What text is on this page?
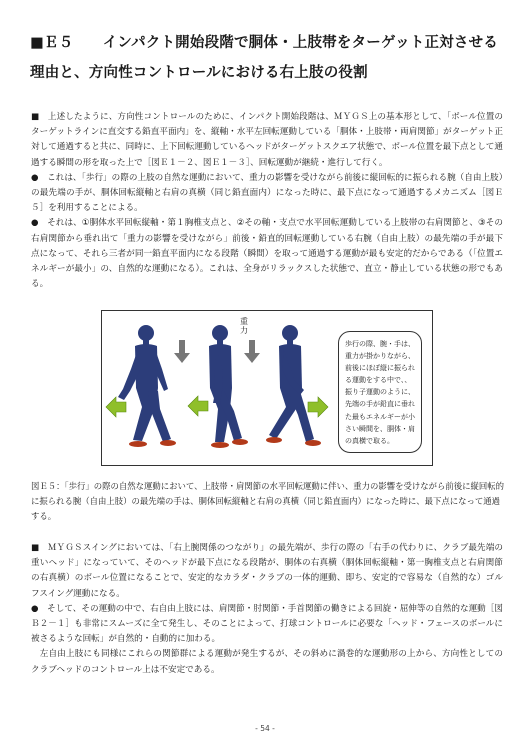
■Ｅ５　　インパクト開始段階で胴体・上肢帯をターゲット正対させる
理由と、方向性コントロールにおける右上肢の役割
■　上述したように、方向性コントロールのために、インパクト開始段階は、ＭＹＧＳ上の基本形として、「ボール位置のターゲットラインに直交する鉛直平面内」を、縦軸・水平左回転運動している「胴体・上肢帯・両肩関節」がターゲット正対して通過すると共に、同時に、上下回転運動しているヘッドがターゲットスクエア状態で、ボール位置を最下点として通過する瞬間の形を取った上で［図Ｅ１－２、図Ｅ１－３］、回転運動が継続・進行して行く。
●　これは、「歩行」の際の上肢の自然な運動において、重力の影響を受けながら前後に縦回転的に振られる腕（自由上肢）の最先端の手が、胴体回転縦軸と右肩の真横（同じ鉛直面内）になった時に、最下点になって通過するメカニズム［図Ｅ５］を利用することによる。
●　それは、①胴体水平回転縦軸・第１胸椎支点と、②その軸・支点で水平回転運動している上肢帯の右肩関節と、③その右肩関節から垂れ出て「重力の影響を受けながら」前後・鉛直的回転運動している右腕（自由上肢）の最先端の手が最下点になって、それら三者が同一鉛直平面内になる段階（瞬間）を取って通過する運動が最も安定的だからである（「位置エネルギーが最小」の、自然的な運動になる）。これは、全身がリラックスした状態で、直立・静止している状態の形でもある。
重力
歩行の際、腕・手は、重力が掛かりながら、前後にほぼ縦に振られる運動をする中で、、振り子運動のように、先端の手が鉛直に垂れた最もエネルギーが小さい瞬間を、胴体・肩の真横で取る。
図Ｅ５：「歩行」の際の自然な運動において、上肢帯・肩関節の水平回転運動に伴い、重力の影響を受けながら前後に縦回転的に振られる腕（自由上肢）の最先端の手は、胴体回転縦軸と右肩の真横（同じ鉛直面内）になった時に、最下点になって通過する。
■　ＭＹＧＳスイングにおいては、「右上腕関係のつながり」の最先端が、歩行の際の「右手の代わりに、クラブ最先端の重いヘッド」になっていて、そのヘッドが最下点になる段階が、胴体の右真横（胴体回転縦軸・第一胸椎支点と右肩関節の右真横）のボール位置になることで、安定的なカラダ・クラブの一体的運動、即ち、安定的で容易な（自然的な）ゴルフスイング運動になる。
●　そして、その運動の中で、右自由上肢には、肩関節・肘関節・手首関節の働きによる回旋・屈伸等の自然的な運動［図Ｂ２－１］も非常にスムーズに全て発生し、そのことによって、打球コントロールに必要な「ヘッド・フェースのボールに被さるような回転」が自然的・自動的に加わる。
　左自由上肢にも同様にこれらの関節群による運動が発生するが、その斜めに渦巻的な運動形の上から、方向性としてのクラブヘッドのコントロール上は不安定である。
- 54 -
